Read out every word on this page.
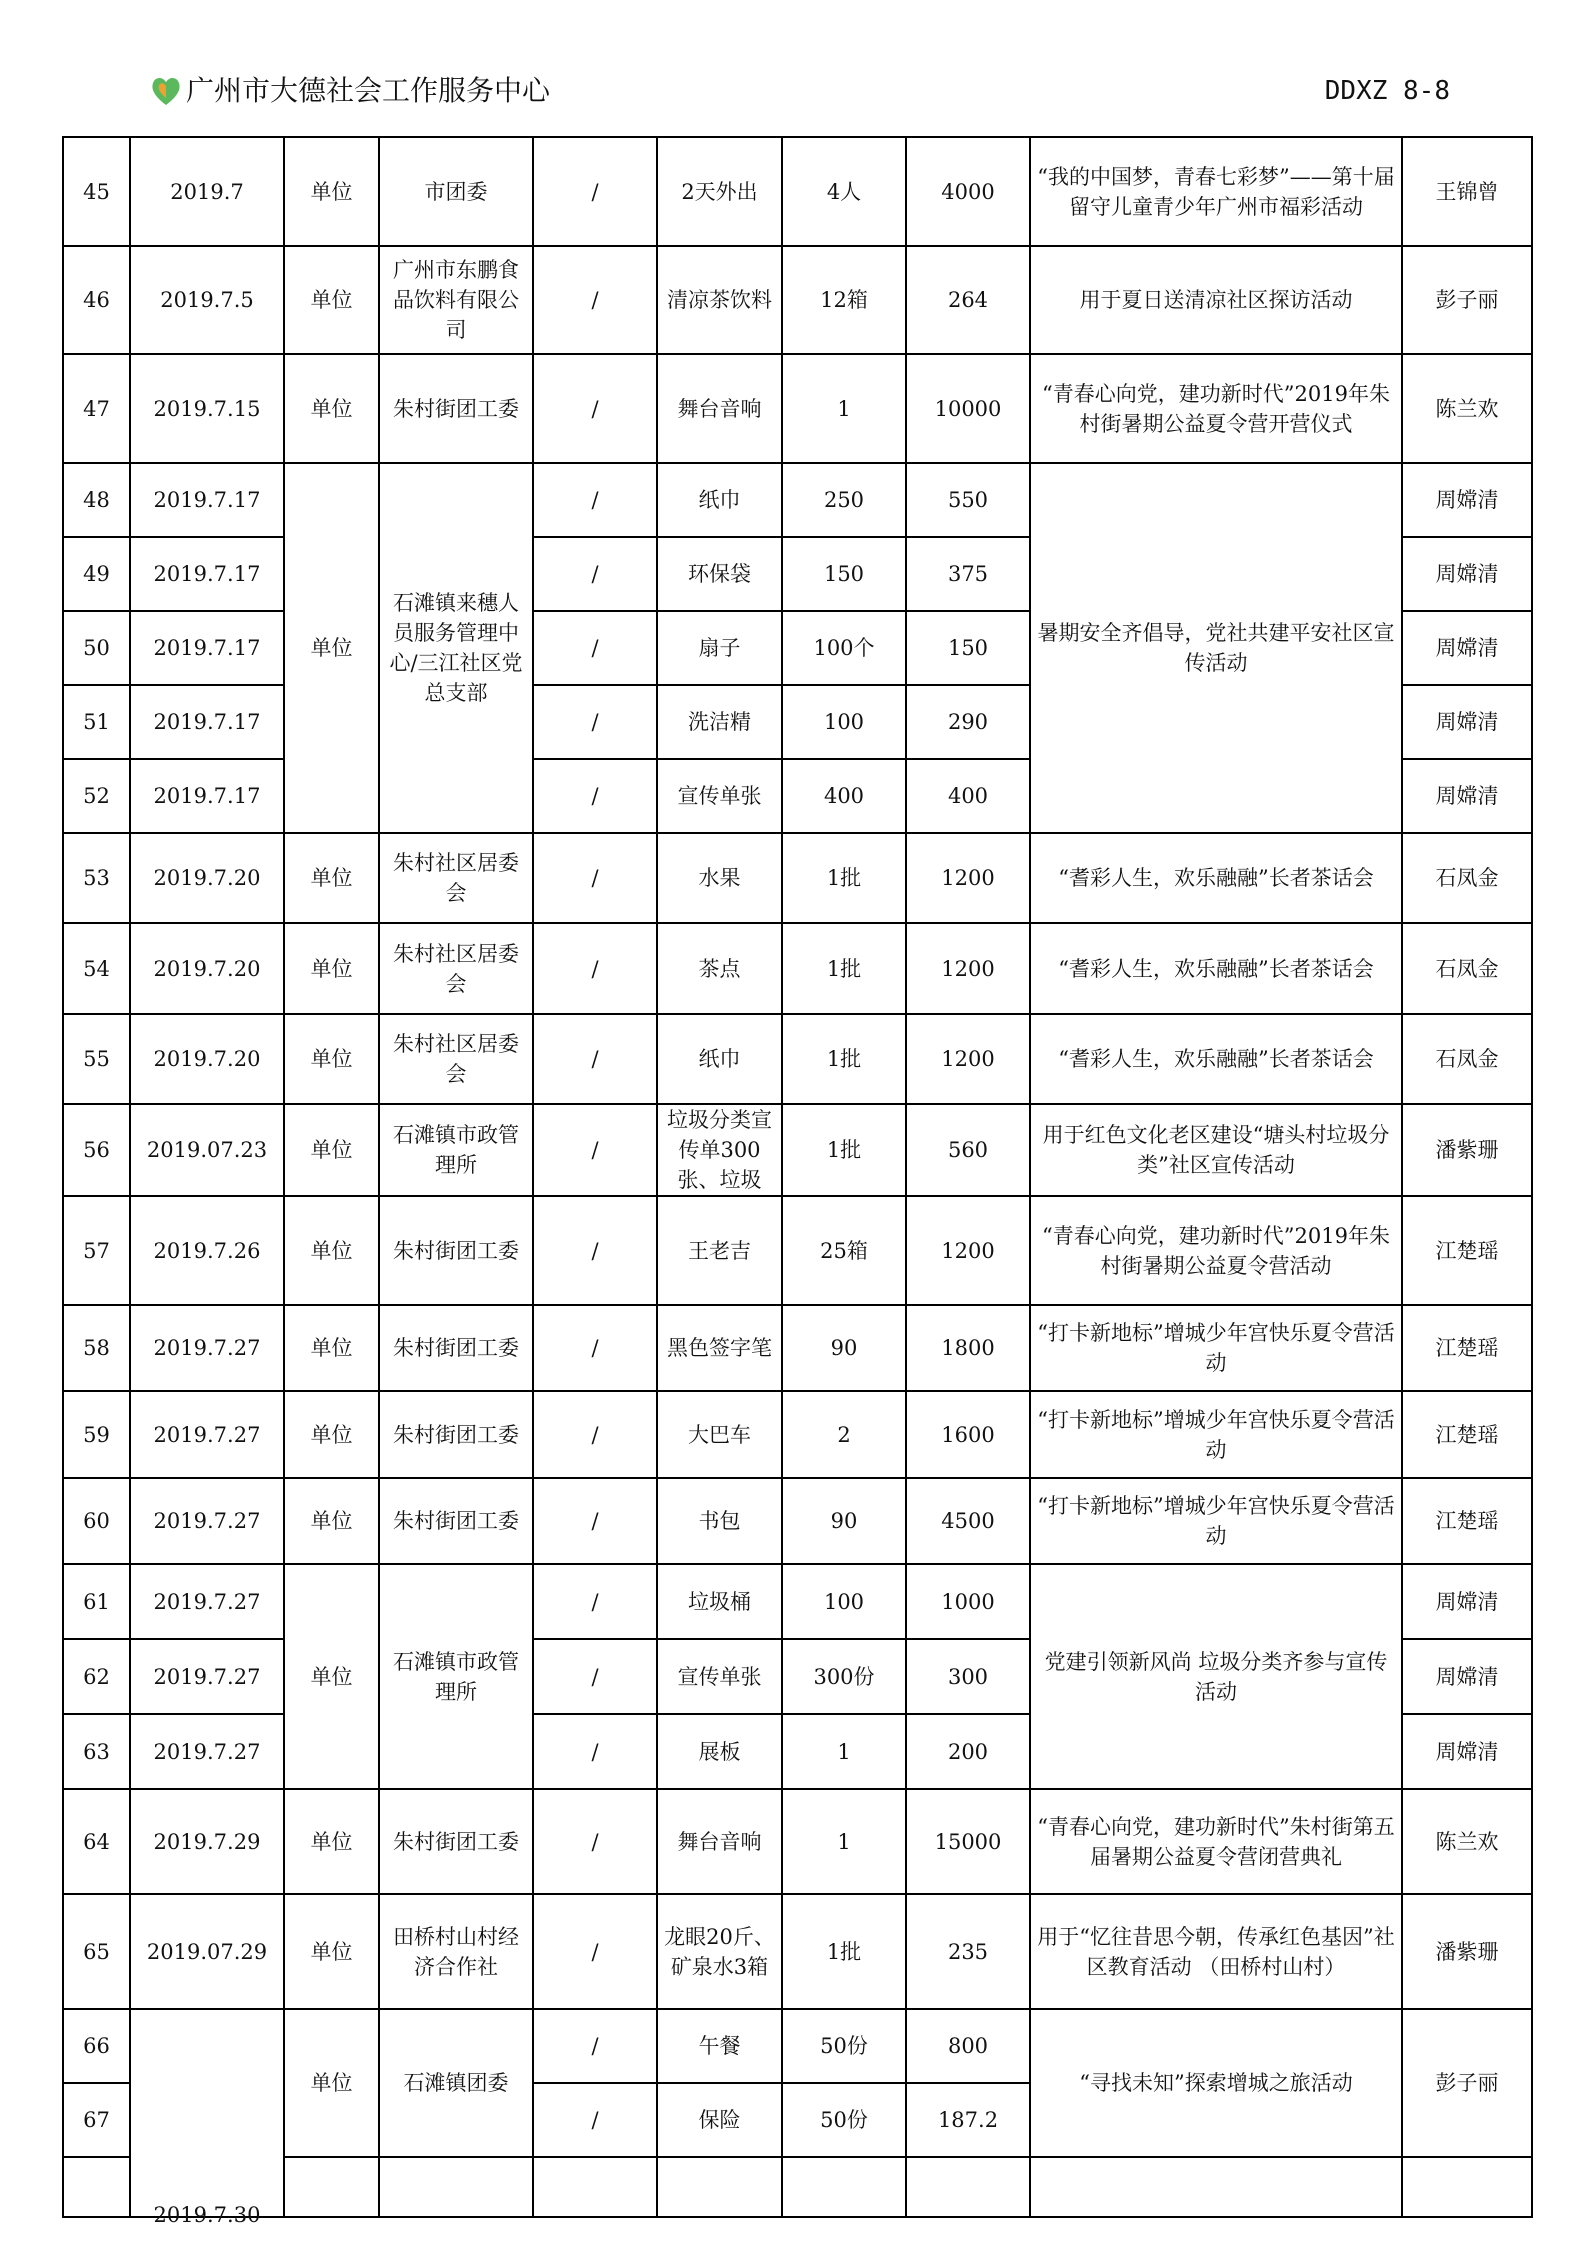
广州市大德社会工作服务中心	DDXZ 8-8
45	2019.7	单位	市团委	/	2天外出	4人	4000	“我的中国梦，青春七彩梦”——第十届留守儿童青少年广州市福彩活动	王锦曾
46	2019.7.5	单位	广州市东鹏食品饮料有限公司	/	清凉茶饮料	12箱	264	用于夏日送清凉社区探访活动	彭子丽
47	2019.7.15	单位	朱村街团工委	/	舞台音响	1	10000	“青春心向党，建功新时代”2019年朱村街暑期公益夏令营开营仪式	陈兰欢
48	2019.7.17	单位	石滩镇来穗人员服务管理中心/三江社区党总支部	/	纸巾	250	550	暑期安全齐倡导，党社共建平安社区宣传活动	周嫦清
49	2019.7.17			/	环保袋	150	375		周嫦清
50	2019.7.17			/	扇子	100个	150		周嫦清
51	2019.7.17			/	洗洁精	100	290		周嫦清
52	2019.7.17			/	宣传单张	400	400		周嫦清
53	2019.7.20	单位	朱村社区居委会	/	水果	1批	1200	“耆彩人生，欢乐融融”长者茶话会	石凤金
54	2019.7.20	单位	朱村社区居委会	/	茶点	1批	1200	“耆彩人生，欢乐融融”长者茶话会	石凤金
55	2019.7.20	单位	朱村社区居委会	/	纸巾	1批	1200	“耆彩人生，欢乐融融”长者茶话会	石凤金
56	2019.07.23	单位	石滩镇市政管理所	/	垃圾分类宣传单300张、垃圾	1批	560	用于红色文化老区建设“塘头村垃圾分类”社区宣传活动	潘紫珊
57	2019.7.26	单位	朱村街团工委	/	王老吉	25箱	1200	“青春心向党，建功新时代”2019年朱村街暑期公益夏令营活动	江楚瑶
58	2019.7.27	单位	朱村街团工委	/	黑色签字笔	90	1800	“打卡新地标”增城少年宫快乐夏令营活动	江楚瑶
59	2019.7.27	单位	朱村街团工委	/	大巴车	2	1600	“打卡新地标”增城少年宫快乐夏令营活动	江楚瑶
60	2019.7.27	单位	朱村街团工委	/	书包	90	4500	“打卡新地标”增城少年宫快乐夏令营活动	江楚瑶
61	2019.7.27	单位	石滩镇市政管理所	/	垃圾桶	100	1000	党建引领新风尚 垃圾分类齐参与宣传活动	周嫦清
62	2019.7.27			/	宣传单张	300份	300		周嫦清
63	2019.7.27			/	展板	1	200		周嫦清
64	2019.7.29	单位	朱村街团工委	/	舞台音响	1	15000	“青春心向党，建功新时代”朱村街第五届暑期公益夏令营闭营典礼	陈兰欢
65	2019.07.29	单位	田桥村山村经济合作社	/	龙眼20斤、矿泉水3箱	1批	235	用于“忆往昔思今朝，传承红色基因”社区教育活动 （田桥村山村）	潘紫珊
66	2019.7.30	单位	石滩镇团委	/	午餐	50份	800	“寻找未知”探索增城之旅活动	彭子丽
67				/	保险	50份	187.2		
